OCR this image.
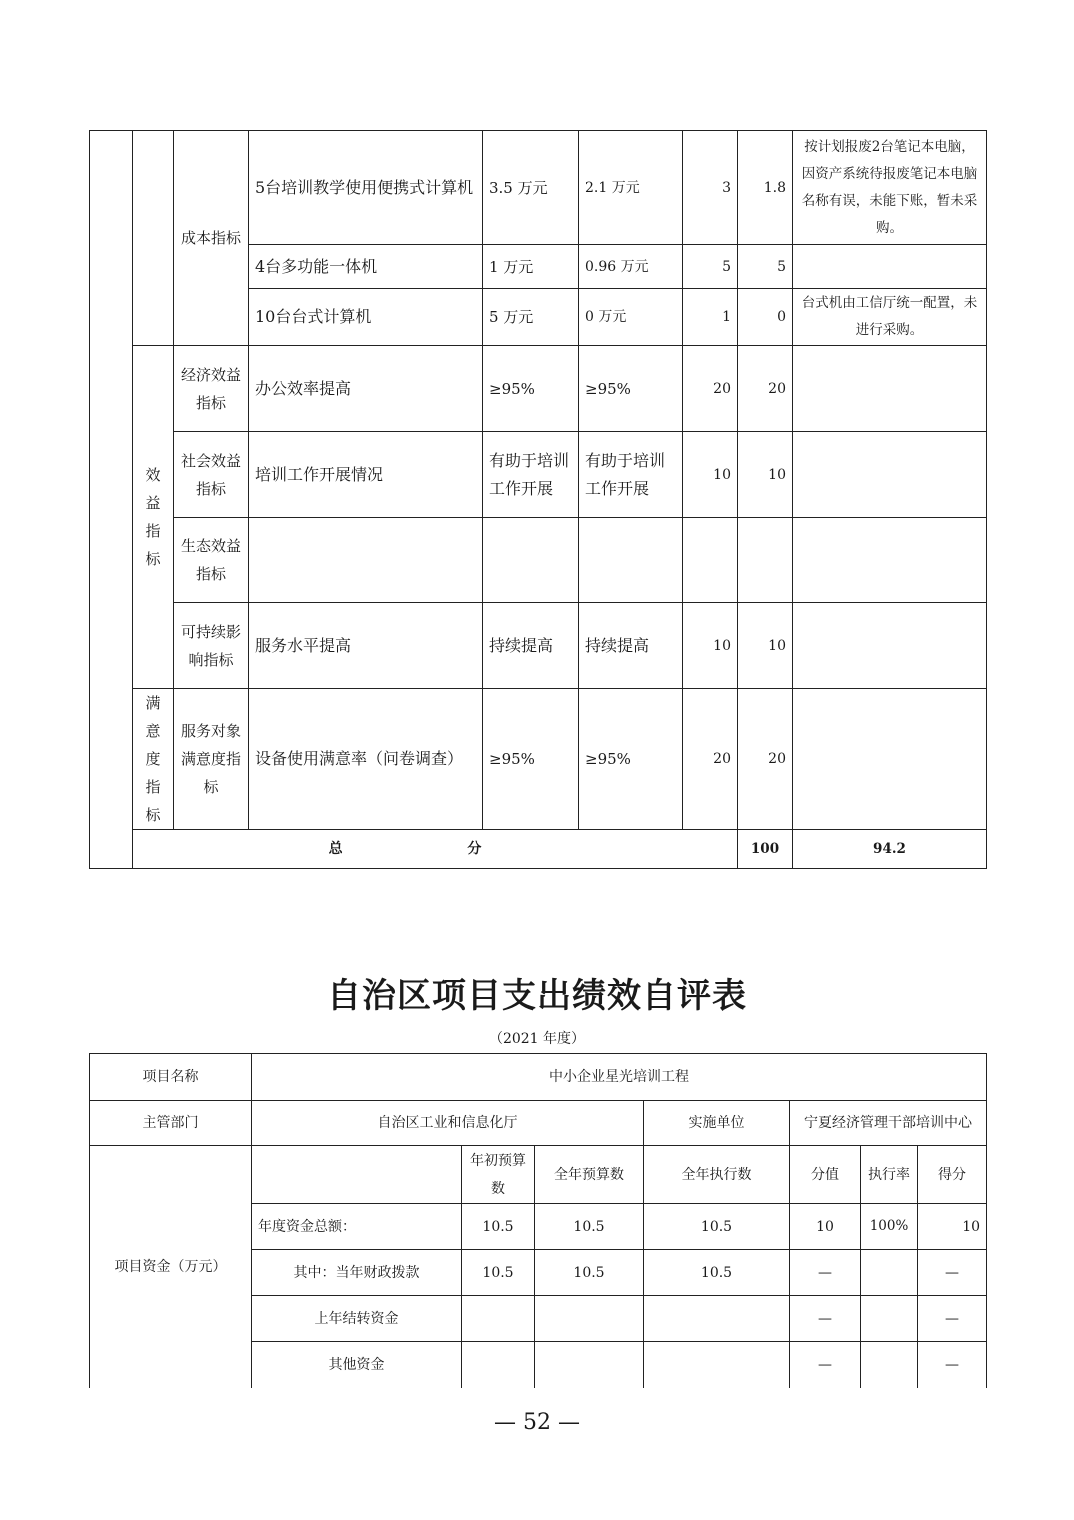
		成本指标	5台培训教学使用便携式计算机	3.5 万元	2.1 万元	3	1.8	按计划报废2台笔记本电脑，因资产系统待报废笔记本电脑名称有误，未能下账，暂未采购。	
			4台多功能一体机	1 万元	0.96 万元	5	5		
			10台台式计算机	5 万元	0 万元	1	0	台式机由工信厅统一配置，未进行采购。	
	效益指标	经济效益指标	办公效率提高	≥95%	≥95%	20	20		
		社会效益指标	培训工作开展情况	有助于培训工作开展	有助于培训工作开展	10	10		
		生态效益指标							
		可持续影响指标	服务水平提高	持续提高	持续提高	10	10		
	满意度指标	服务对象满意度指标	设备使用满意率（问卷调查）	≥95%	≥95%	20	20		
	总 分						100	94.2	
自治区项目支出绩效自评表
（2021 年度）
项目名称	中小企业星光培训工程						
主管部门	自治区工业和信息化厅			实施单位	宁夏经济管理干部培训中心		
项目资金（万元）		年初预算数	全年预算数	全年执行数	分值	执行率	得分
	年度资金总额：	10.5	10.5	10.5	10	100%	10
	其中：当年财政拨款	10.5	10.5	10.5	—		—
	上年结转资金				—		—
	其他资金				—		—
— 52 —
